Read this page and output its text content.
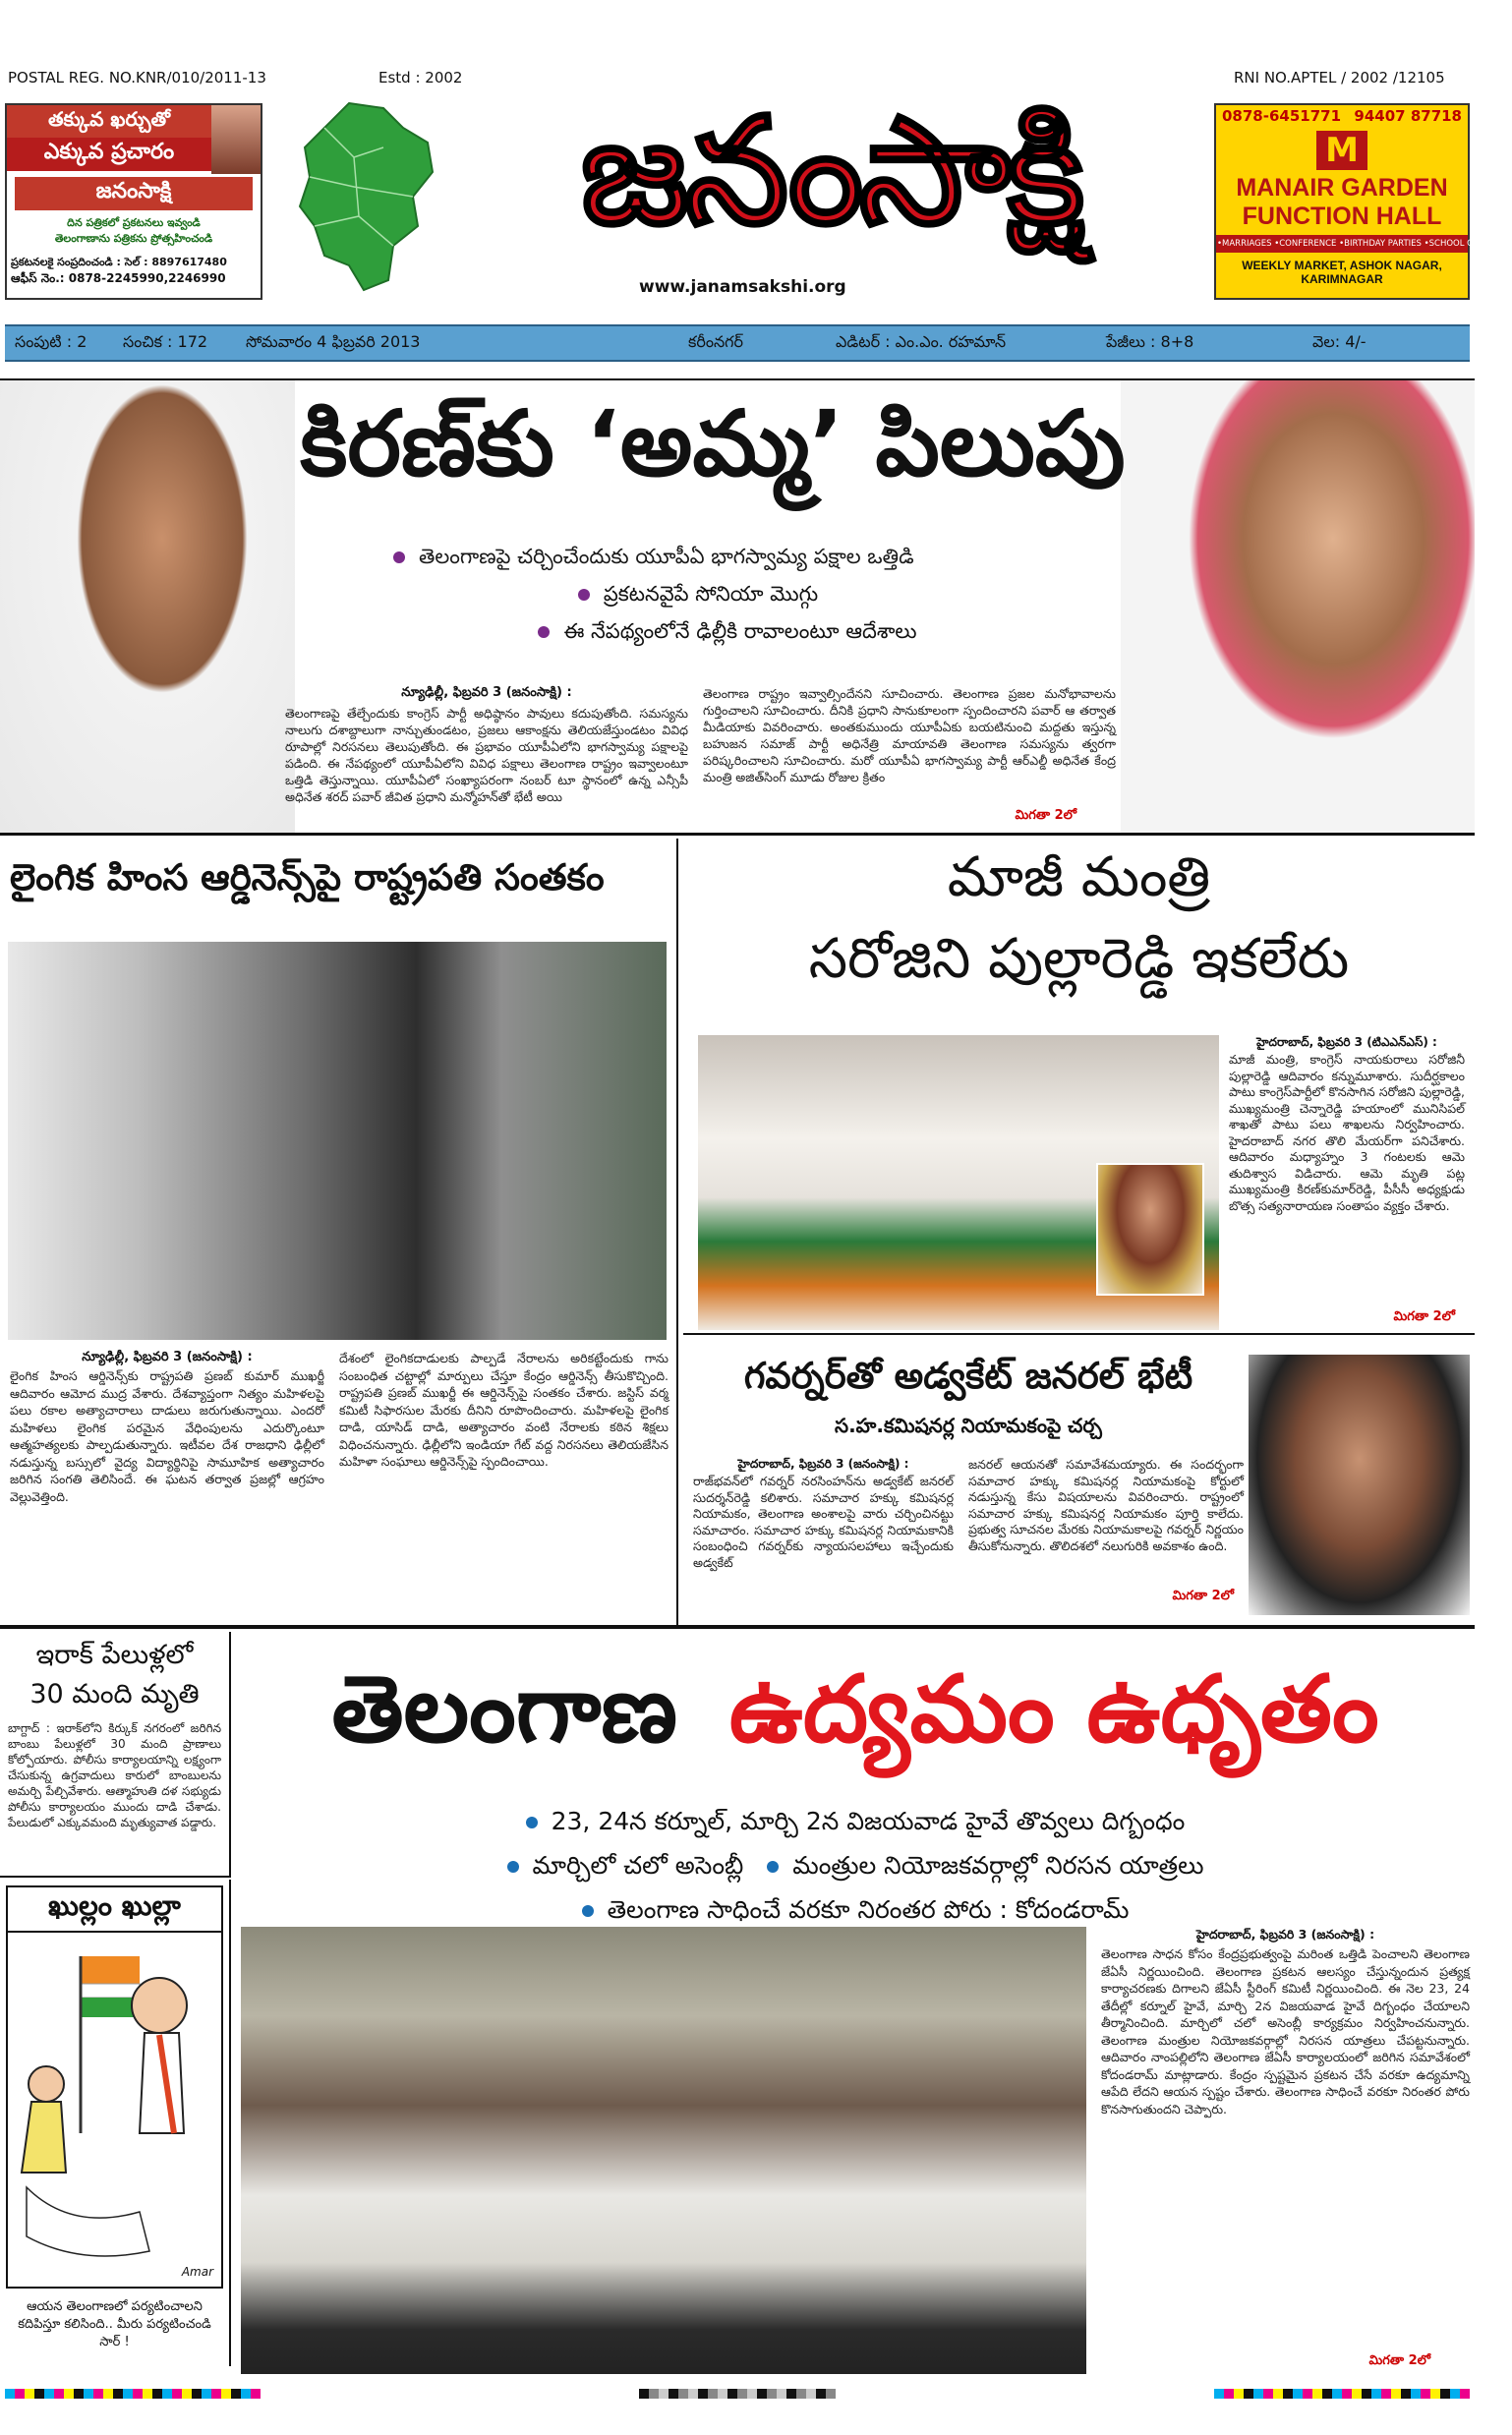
POSTAL REG. NO.KNR/010/2011-13	Estd : 2002	RNI NO.APTEL / 2002 /12105
తక్కువ ఖర్చుతో
ఎక్కువ ప్రచారం
జనంసాక్షి
దిన పత్రికలో ప్రకటనలు ఇవ్వండి
తెలంగాణాను పత్రికను ప్రోత్సహించండి
ప్రకటనలకై సంప్రదించండి : సెల్ : 8897617480
ఆఫీస్ నెం.: 0878-2245990,2246990
జనంసాక్షి
www.janamsakshi.org
0878-6451771 94407 87718
M
MANAIR GARDEN
FUNCTION HALL
•MARRIAGES •CONFERENCE •BIRTHDAY PARTIES •SCHOOL CONCERTS
WEEKLY MARKET, ASHOK NAGAR, KARIMNAGAR
సంపుటి : 2	సంచిక : 172	సోమవారం 4 ఫిబ్రవరి 2013	కరీంనగర్	ఎడిటర్ : ఎం.ఎం. రహమాన్	పేజీలు : 8+8	వెల: 4/-
కిరణ్‌కు ‘అమ్మ’ పిలుపు
తెలంగాణపై చర్చించేందుకు యూపీఏ భాగస్వామ్య పక్షాల ఒత్తిడి
ప్రకటనవైపే సోనియా మొగ్గు
ఈ నేపథ్యంలోనే ఢిల్లీకి రావాలంటూ ఆదేశాలు
న్యూఢిల్లీ, ఫిబ్రవరి 3 (జనంసాక్షి) :
తెలంగాణపై తేల్చేందుకు కాంగ్రెస్ పార్టీ అధిష్ఠానం పావులు కదుపుతోంది. సమస్యను నాలుగు దశాబ్దాలుగా నాన్చుతుండటం, ప్రజలు ఆకాంక్షను తెలియజేస్తుండటం వివిధ రూపాల్లో నిరసనలు తెలుపుతోంది. ఈ ప్రభావం యూపీఏలోని భాగస్వామ్య పక్షాలపై పడింది. ఈ నేపథ్యంలో యూపీఏలోని వివిధ పక్షాలు తెలంగాణ రాష్ట్రం ఇవ్వాలంటూ ఒత్తిడి తెస్తున్నాయి. యూపీఏలో సంఖ్యాపరంగా నంబర్ టూ స్థానంలో ఉన్న ఎన్సీపీ అధినేత శరద్ పవార్ జీవిత ప్రధాని మన్మోహన్‌తో భేటీ అయి
తెలంగాణ రాష్ట్రం ఇవ్వాల్సిందేనని సూచించారు. తెలంగాణ ప్రజల మనోభావాలను గుర్తించాలని సూచించారు. దీనికి ప్రధాని సానుకూలంగా స్పందించారని పవార్ ఆ తర్వాత మీడియాకు వివరించారు. అంతకుముందు యూపీఏకు బయటినుంచి మద్దతు ఇస్తున్న బహుజన సమాజ్ పార్టీ అధినేత్రి మాయావతి తెలంగాణ సమస్యను త్వరగా పరిష్కరించాలని సూచించారు. మరో యూపీఏ భాగస్వామ్య పార్టీ ఆర్ఎల్డీ అధినేత కేంద్ర మంత్రి అజిత్‌సింగ్ మూడు రోజుల క్రితం
మిగతా 2లో
లైంగిక హింస ఆర్డినెన్స్‌పై రాష్ట్రపతి సంతకం
న్యూఢిల్లీ, ఫిబ్రవరి 3 (జనంసాక్షి) :
లైంగిక హింస ఆర్డినెన్స్‌కు రాష్ట్రపతి ప్రణబ్ కుమార్ ముఖర్జీ ఆదివారం ఆమోద ముద్ర వేశారు. దేశవ్యాప్తంగా నిత్యం మహిళలపై పలు రకాల అత్యాచారాలు దాడులు జరుగుతున్నాయి. ఎందరో మహిళలు లైంగిక పరమైన వేధింపులను ఎదుర్కొంటూ ఆత్మహత్యలకు పాల్పడుతున్నారు. ఇటీవల దేశ రాజధాని ఢిల్లీలో నడుస్తున్న బస్సులో వైద్య విద్యార్థినిపై సామూహిక అత్యాచారం జరిగిన సంగతి తెలిసిందే. ఈ ఘటన తర్వాత ప్రజల్లో ఆగ్రహం వెల్లువెత్తింది.
దేశంలో లైంగికదాడులకు పాల్పడే నేరాలను అరికట్టేందుకు గాను సంబంధిత చట్టాల్లో మార్పులు చేస్తూ కేంద్రం ఆర్డినెన్స్ తీసుకొచ్చింది. రాష్ట్రపతి ప్రణబ్ ముఖర్జీ ఈ ఆర్డినెన్స్‌పై సంతకం చేశారు. జస్టిస్ వర్మ కమిటీ సిఫారసుల మేరకు దీనిని రూపొందించారు. మహిళలపై లైంగిక దాడి, యాసిడ్ దాడి, అత్యాచారం వంటి నేరాలకు కఠిన శిక్షలు విధించనున్నారు. ఢిల్లీలోని ఇండియా గేట్ వద్ద నిరసనలు తెలియజేసిన మహిళా సంఘాలు ఆర్డినెన్స్‌పై స్పందించాయి.
మాజీ మంత్రి
సరోజిని పుల్లారెడ్డి ఇకలేరు
హైదరాబాద్, ఫిబ్రవరి 3 (టిఎఎన్ఎస్) :
మాజీ మంత్రి, కాంగ్రెస్ నాయకురాలు సరోజినీ పుల్లారెడ్డి ఆదివారం కన్నుమూశారు. సుదీర్ఘకాలం పాటు కాంగ్రెస్‌పార్టీలో కొనసాగిన సరోజిని పుల్లారెడ్డి, ముఖ్యమంత్రి చెన్నారెడ్డి హయాంలో మునిసిపల్ శాఖతో పాటు పలు శాఖలను నిర్వహించారు. హైదరాబాద్ నగర తొలి మేయర్‌గా పనిచేశారు. ఆదివారం మధ్యాహ్నం 3 గంటలకు ఆమె తుదిశ్వాస విడిచారు. ఆమె మృతి పట్ల ముఖ్యమంత్రి కిరణ్‌కుమార్‌రెడ్డి, పీసీసీ అధ్యక్షుడు బొత్స సత్యనారాయణ సంతాపం వ్యక్తం చేశారు.
మిగతా 2లో
గవర్నర్‌తో అడ్వకేట్ జనరల్ భేటీ
స.హ.కమిషనర్ల నియామకంపై చర్చ
హైదరాబాద్, ఫిబ్రవరి 3 (జనంసాక్షి) :
రాజ్‌భవన్‌లో గవర్నర్ నరసింహన్‌ను అడ్వకేట్ జనరల్ సుదర్శన్‌రెడ్డి కలిశారు. సమాచార హక్కు కమిషనర్ల నియామకం, తెలంగాణ అంశాలపై వారు చర్చించినట్టు సమాచారం. సమాచార హక్కు కమిషనర్ల నియామకానికి సంబంధించి గవర్నర్‌కు న్యాయసలహాలు ఇచ్చేందుకు అడ్వకేట్
జనరల్ ఆయనతో సమావేశమయ్యారు. ఈ సందర్భంగా సమాచార హక్కు కమిషనర్ల నియామకంపై కోర్టులో నడుస్తున్న కేసు విషయాలను వివరించారు. రాష్ట్రంలో సమాచార హక్కు కమిషనర్ల నియామకం పూర్తి కాలేదు. ప్రభుత్వ సూచనల మేరకు నియామకాలపై గవర్నర్ నిర్ణయం తీసుకోనున్నారు. తొలిదశలో నలుగురికి అవకాశం ఉంది.
మిగతా 2లో
ఇరాక్ పేలుళ్లలో
30 మంది మృతి
బాగ్దాద్ : ఇరాక్‌లోని కిర్కుక్ నగరంలో జరిగిన బాంబు పేలుళ్లలో 30 మంది ప్రాణాలు కోల్పోయారు. పోలీసు కార్యాలయాన్ని లక్ష్యంగా చేసుకున్న ఉగ్రవాదులు కారులో బాంబులను అమర్చి పేల్చివేశారు. ఆత్మాహుతి దళ సభ్యుడు పోలీసు కార్యాలయం ముందు దాడి చేశాడు. పేలుడులో ఎక్కువమంది మృత్యువాత పడ్డారు.
ఖుల్లం ఖుల్లా
Amar
ఆయన తెలంగాణలో పర్యటించాలని కదిపిస్తూ కలిసింది.. మీరు పర్యటించండి సార్ !
తెలంగాణ ఉద్యమం ఉధృతం
23, 24న కర్నూల్, మార్చి 2న విజయవాడ హైవే తొవ్వలు దిగ్బంధం
మార్చిలో చలో అసెంబ్లీ మంత్రుల నియోజకవర్గాల్లో నిరసన యాత్రలు
తెలంగాణ సాధించే వరకూ నిరంతర పోరు : కోదండరామ్
హైదరాబాద్, ఫిబ్రవరి 3 (జనంసాక్షి) :
తెలంగాణ సాధన కోసం కేంద్రప్రభుత్వంపై మరింత ఒత్తిడి పెంచాలని తెలంగాణ జేఏసీ నిర్ణయించింది. తెలంగాణ ప్రకటన ఆలస్యం చేస్తున్నందున ప్రత్యక్ష కార్యాచరణకు దిగాలని జేఏసీ స్టీరింగ్ కమిటీ నిర్ణయించింది. ఈ నెల 23, 24 తేదీల్లో కర్నూల్ హైవే, మార్చి 2న విజయవాడ హైవే దిగ్బంధం చేయాలని తీర్మానించింది. మార్చిలో చలో అసెంబ్లీ కార్యక్రమం నిర్వహించనున్నారు. తెలంగాణ మంత్రుల నియోజకవర్గాల్లో నిరసన యాత్రలు చేపట్టనున్నారు. ఆదివారం నాంపల్లిలోని తెలంగాణ జేఏసీ కార్యాలయంలో జరిగిన సమావేశంలో కోదండరామ్ మాట్లాడారు. కేంద్రం స్పష్టమైన ప్రకటన చేసే వరకూ ఉద్యమాన్ని ఆపేది లేదని ఆయన స్పష్టం చేశారు. తెలంగాణ సాధించే వరకూ నిరంతర పోరు కొనసాగుతుందని చెప్పారు.
మిగతా 2లో
